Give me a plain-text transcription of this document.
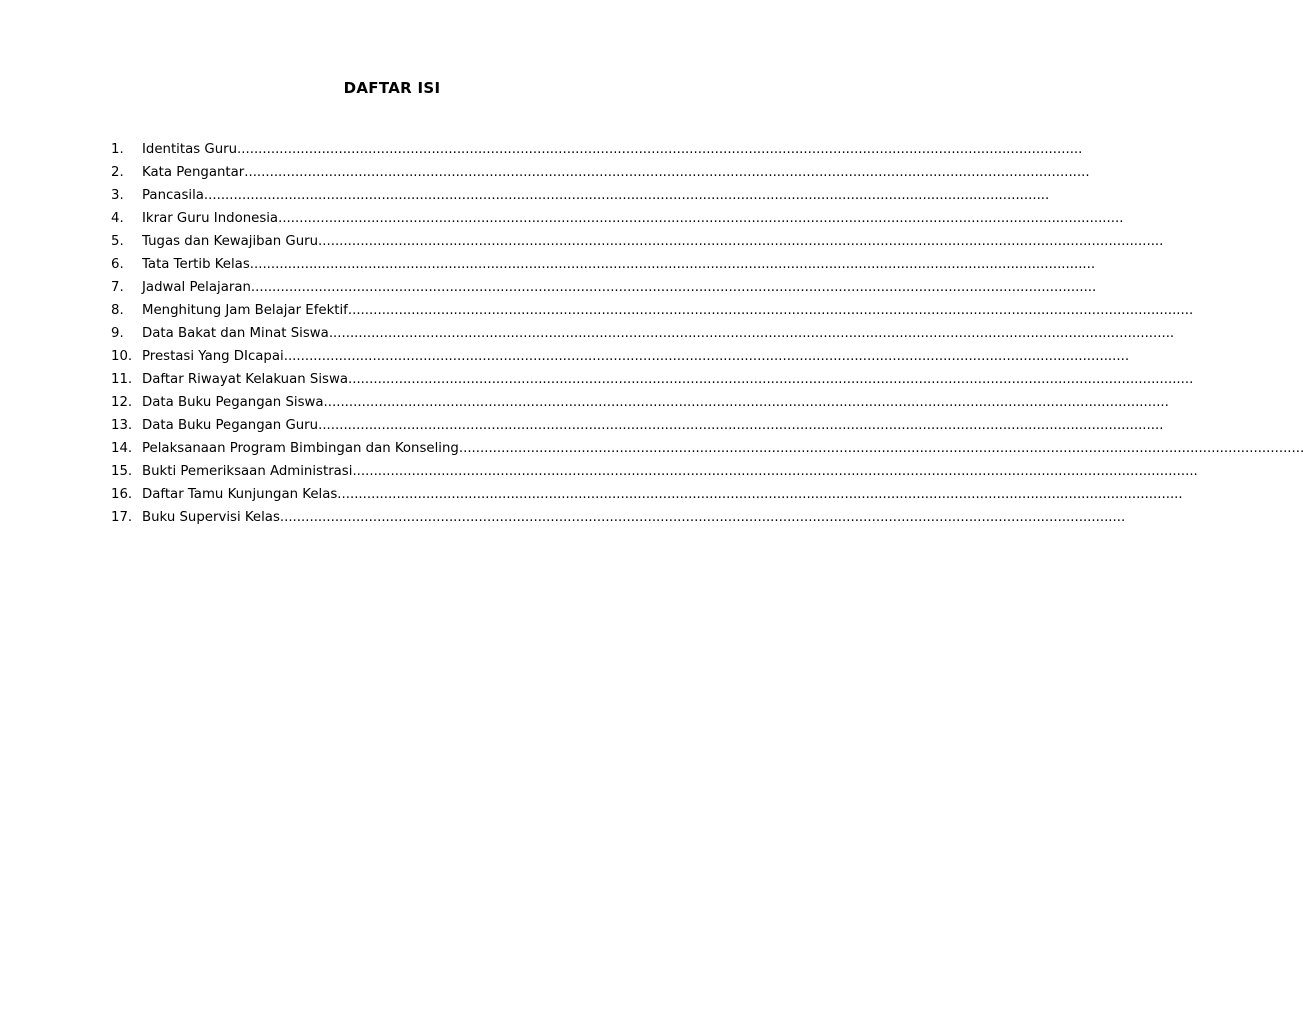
DAFTAR ISI
1.	Identitas Guru ........................................................................................................................................................................................................
2.	Kata Pengantar ........................................................................................................................................................................................................
3.	Pancasila ........................................................................................................................................................................................................
4.	Ikrar Guru Indonesia ........................................................................................................................................................................................................
5.	Tugas dan Kewajiban Guru ........................................................................................................................................................................................................
6.	Tata Tertib Kelas ........................................................................................................................................................................................................
7.	Jadwal Pelajaran ........................................................................................................................................................................................................
8.	Menghitung Jam Belajar Efektif ........................................................................................................................................................................................................
9.	Data Bakat dan Minat Siswa ........................................................................................................................................................................................................
10. Prestasi Yang DIcapai ........................................................................................................................................................................................................
11. Daftar Riwayat Kelakuan Siswa ........................................................................................................................................................................................................
12. Data Buku Pegangan Siswa ........................................................................................................................................................................................................
13. Data Buku Pegangan Guru ........................................................................................................................................................................................................
14. Pelaksanaan Program Bimbingan dan Konseling ........................................................................................................................................................................................................
15. Bukti Pemeriksaan Administrasi ........................................................................................................................................................................................................
16. Daftar Tamu Kunjungan Kelas ........................................................................................................................................................................................................
17. Buku Supervisi Kelas ........................................................................................................................................................................................................
